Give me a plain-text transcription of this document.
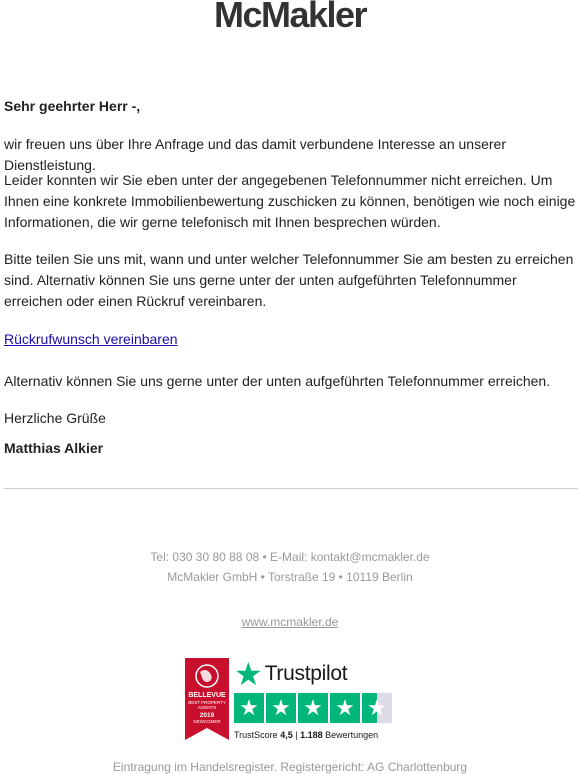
McMakler

Sehr geehrter Herr -,

wir freuen uns über Ihre Anfrage und das damit verbundene Interesse an unserer Dienstleistung.

Leider konnten wir Sie eben unter der angegebenen Telefonnummer nicht erreichen. Um Ihnen eine konkrete Immobilienbewertung zuschicken zu können, benötigen wie noch einige Informationen, die wir gerne telefonisch mit Ihnen besprechen würden.

Bitte teilen Sie uns mit, wann und unter welcher Telefonnummer Sie am besten zu erreichen sind. Alternativ können Sie uns gerne unter der unten aufgeführten Telefonnummer erreichen oder einen Rückruf vereinbaren.

Rückrufwunsch vereinbaren

Alternativ können Sie uns gerne unter der unten aufgeführten Telefonnummer erreichen.

Herzliche Grüße

Matthias Alkier

Tel: 030 30 80 88 08 • E-Mail: kontakt@mcmakler.de
McMakler GmbH • Torstraße 19 • 10119 Berlin
www.mcmakler.de
BELLEVUE
BEST PROPERTY
AGENTS
2019
NEWCOMER
★ Trustpilot
★ ★ ★ ★ ★
TrustScore 4,5 | 1.188 Bewertungen
Eintragung im Handelsregister. Registergericht: AG Charlottenburg
